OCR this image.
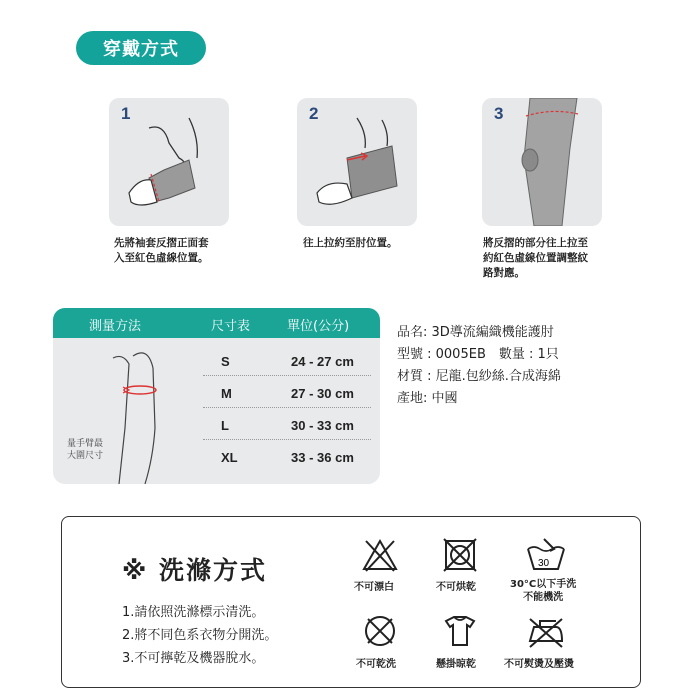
穿戴方式
1	2	3
先將袖套反摺正面套
入至紅色虛線位置。
往上拉約至肘位置。	將反摺的部分往上拉至
約紅色虛線位置調整紋
路對應。
測量方法	尺寸表	單位(公分)
量手臂最
大圍尺寸
S	24 - 27 cm
M	27 - 30 cm
L	30 - 33 cm
XL	33 - 36 cm
品名: 3D導流編織機能護肘
型號 : 0005EB　數量 : 1只
材質 : 尼龍.包紗絲.合成海綿
產地: 中國
※ 洗滌方式
1.請依照洗滌標示清洗。
2.將不同色系衣物分開洗。
3.不可擰乾及機器脫水。
不可漂白	不可烘乾
30
30°C以下手洗
不能機洗
不可乾洗	懸掛晾乾	不可熨燙及壓燙
